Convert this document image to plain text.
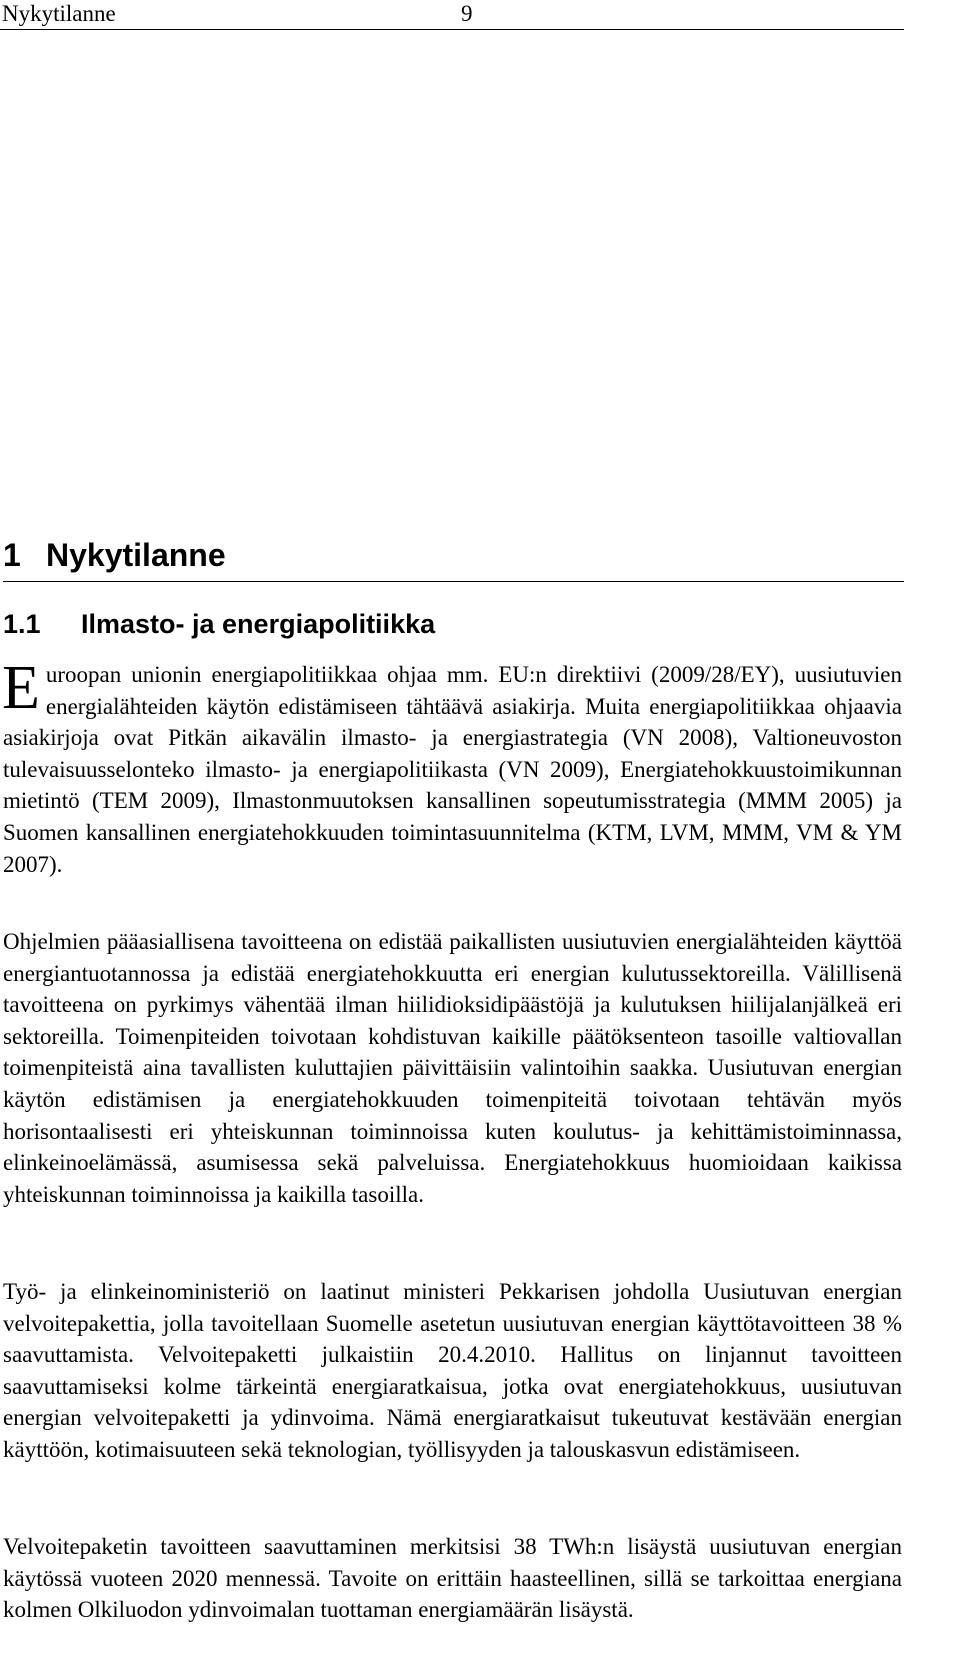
Nykytilanne	9
1 Nykytilanne
1.1 Ilmasto- ja energiapolitiikka

Euroopan unionin energiapolitiikkaa ohjaa mm. EU:n direktiivi (2009/28/EY), uusiutuvien energialähteiden käytön edistämiseen tähtäävä asiakirja. Muita energiapolitiikkaa ohjaavia asiakirjoja ovat Pitkän aikavälin ilmasto- ja energiastrategia (VN 2008), Valtioneuvoston tulevaisuusselonteko ilmasto- ja energiapolitiikasta (VN 2009), Energiatehokkuustoimikunnan mietintö (TEM 2009), Ilmastonmuutoksen kansallinen sopeutumisstrategia (MMM 2005) ja Suomen kansallinen energiatehokkuuden toimintasuunnitelma (KTM, LVM, MMM, VM & YM 2007).

Ohjelmien pääasiallisena tavoitteena on edistää paikallisten uusiutuvien energialähteiden käyttöä energiantuotannossa ja edistää energiatehokkuutta eri energian kulutussektoreilla. Välillisenä tavoitteena on pyrkimys vähentää ilman hiilidioksidipäästöjä ja kulutuksen hiilijalanjälkeä eri sektoreilla. Toimenpiteiden toivotaan kohdistuvan kaikille päätöksenteon tasoille valtiovallan toimenpiteistä aina tavallisten kuluttajien päivittäisiin valintoihin saakka. Uusiutuvan energian käytön edistämisen ja energiatehokkuuden toimenpiteitä toivotaan tehtävän myös horisontaalisesti eri yhteiskunnan toiminnoissa kuten koulutus- ja kehittämistoiminnassa, elinkeinoelämässä, asumisessa sekä palveluissa. Energiatehokkuus huomioidaan kaikissa yhteiskunnan toiminnoissa ja kaikilla tasoilla.

Työ- ja elinkeinoministeriö on laatinut ministeri Pekkarisen johdolla Uusiutuvan energian velvoitepakettia, jolla tavoitellaan Suomelle asetetun uusiutuvan energian käyttötavoitteen 38 % saavuttamista. Velvoitepaketti julkaistiin 20.4.2010. Hallitus on linjannut tavoitteen saavuttamiseksi kolme tärkeintä energiaratkaisua, jotka ovat energiatehokkuus, uusiutuvan energian velvoitepaketti ja ydinvoima. Nämä energiaratkaisut tukeutuvat kestävään energian käyttöön, kotimaisuuteen sekä teknologian, työllisyyden ja talouskasvun edistämiseen.

Velvoitepaketin tavoitteen saavuttaminen merkitsisi 38 TWh:n lisäystä uusiutuvan energian käytössä vuoteen 2020 mennessä. Tavoite on erittäin haasteellinen, sillä se tarkoittaa energiana kolmen Olkiluodon ydinvoimalan tuottaman energiamäärän lisäystä.
